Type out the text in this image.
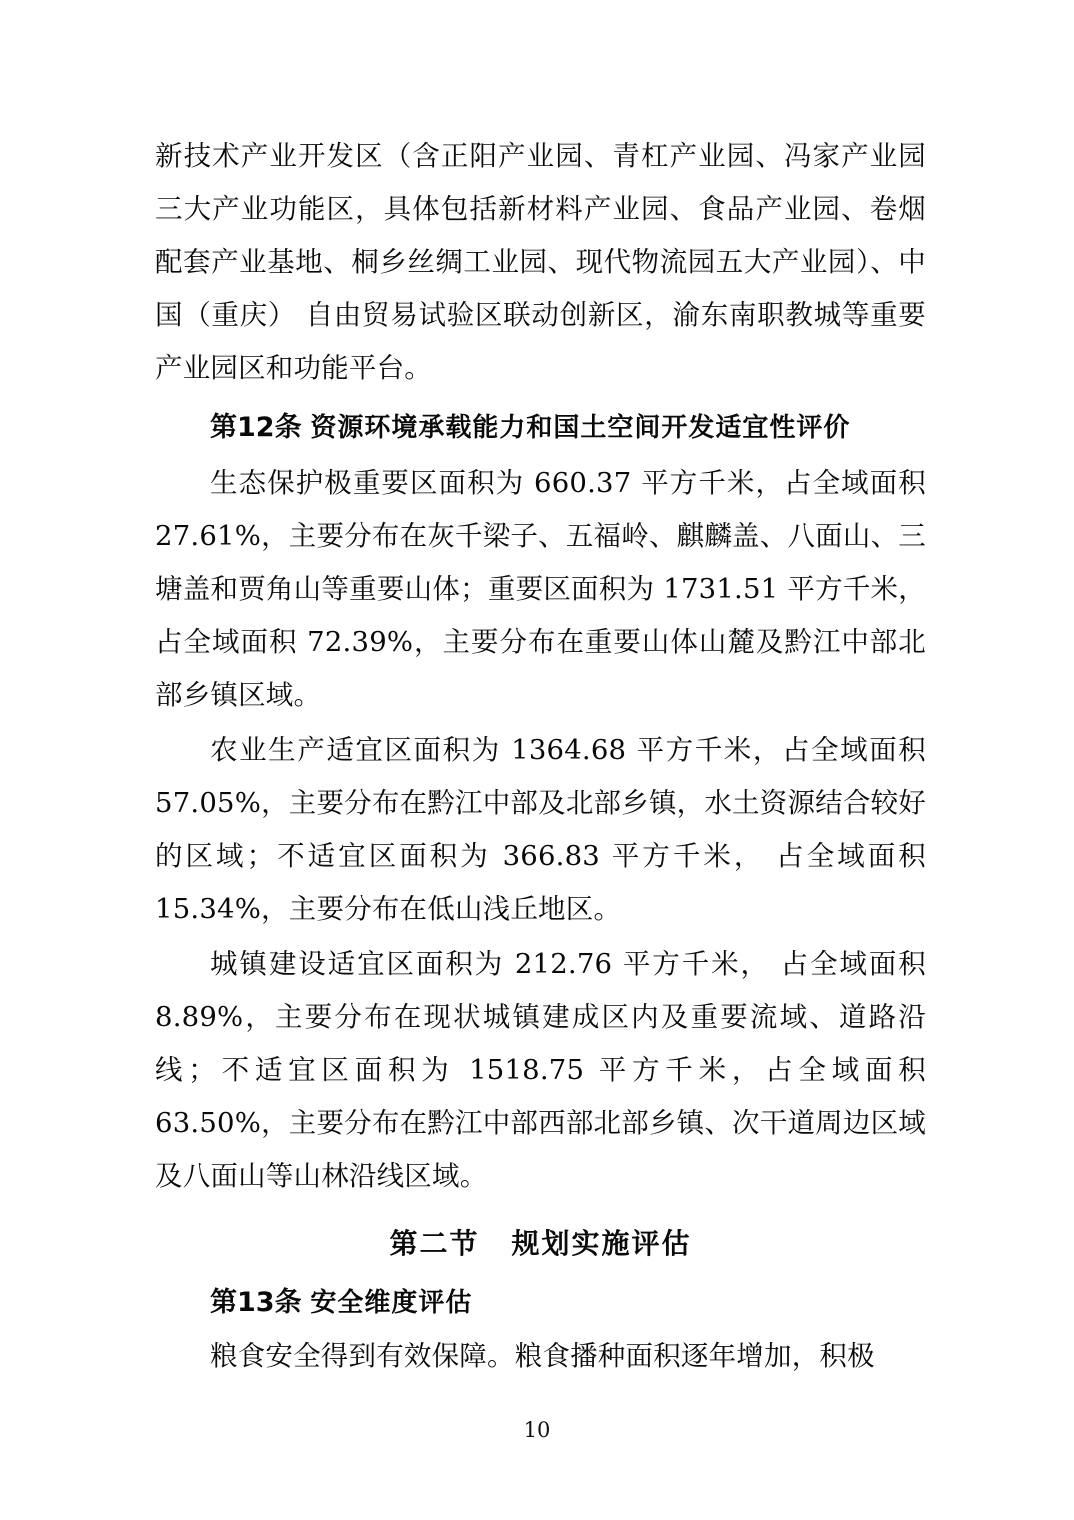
新技术产业开发区（含正阳产业园、青杠产业园、冯家产业园三大产业功能区，具体包括新材料产业园、食品产业园、卷烟配套产业基地、桐乡丝绸工业园、现代物流园五大产业园）、中国（重庆） 自由贸易试验区联动创新区，渝东南职教城等重要产业园区和功能平台。

第12条 资源环境承载能力和国土空间开发适宜性评价

生态保护极重要区面积为 660.37 平方千米，占全域面积27.61%，主要分布在灰千梁子、五福岭、麒麟盖、八面山、三塘盖和贾角山等重要山体；重要区面积为 1731.51 平方千米，占全域面积 72.39%，主要分布在重要山体山麓及黔江中部北部乡镇区域。

农业生产适宜区面积为 1364.68 平方千米，占全域面积57.05%，主要分布在黔江中部及北部乡镇，水土资源结合较好的区域；不适宜区面积为 366.83 平方千米， 占全域面积15.34%，主要分布在低山浅丘地区。

城镇建设适宜区面积为 212.76 平方千米， 占全域面积8.89%，主要分布在现状城镇建成区内及重要流域、道路沿线；不适宜区面积为 1518.75 平方千米，占全域面积63.50%，主要分布在黔江中部西部北部乡镇、次干道周边区域及八面山等山林沿线区域。

第二节 规划实施评估
第13条 安全维度评估

粮食安全得到有效保障。粮食播种面积逐年增加，积极

10
